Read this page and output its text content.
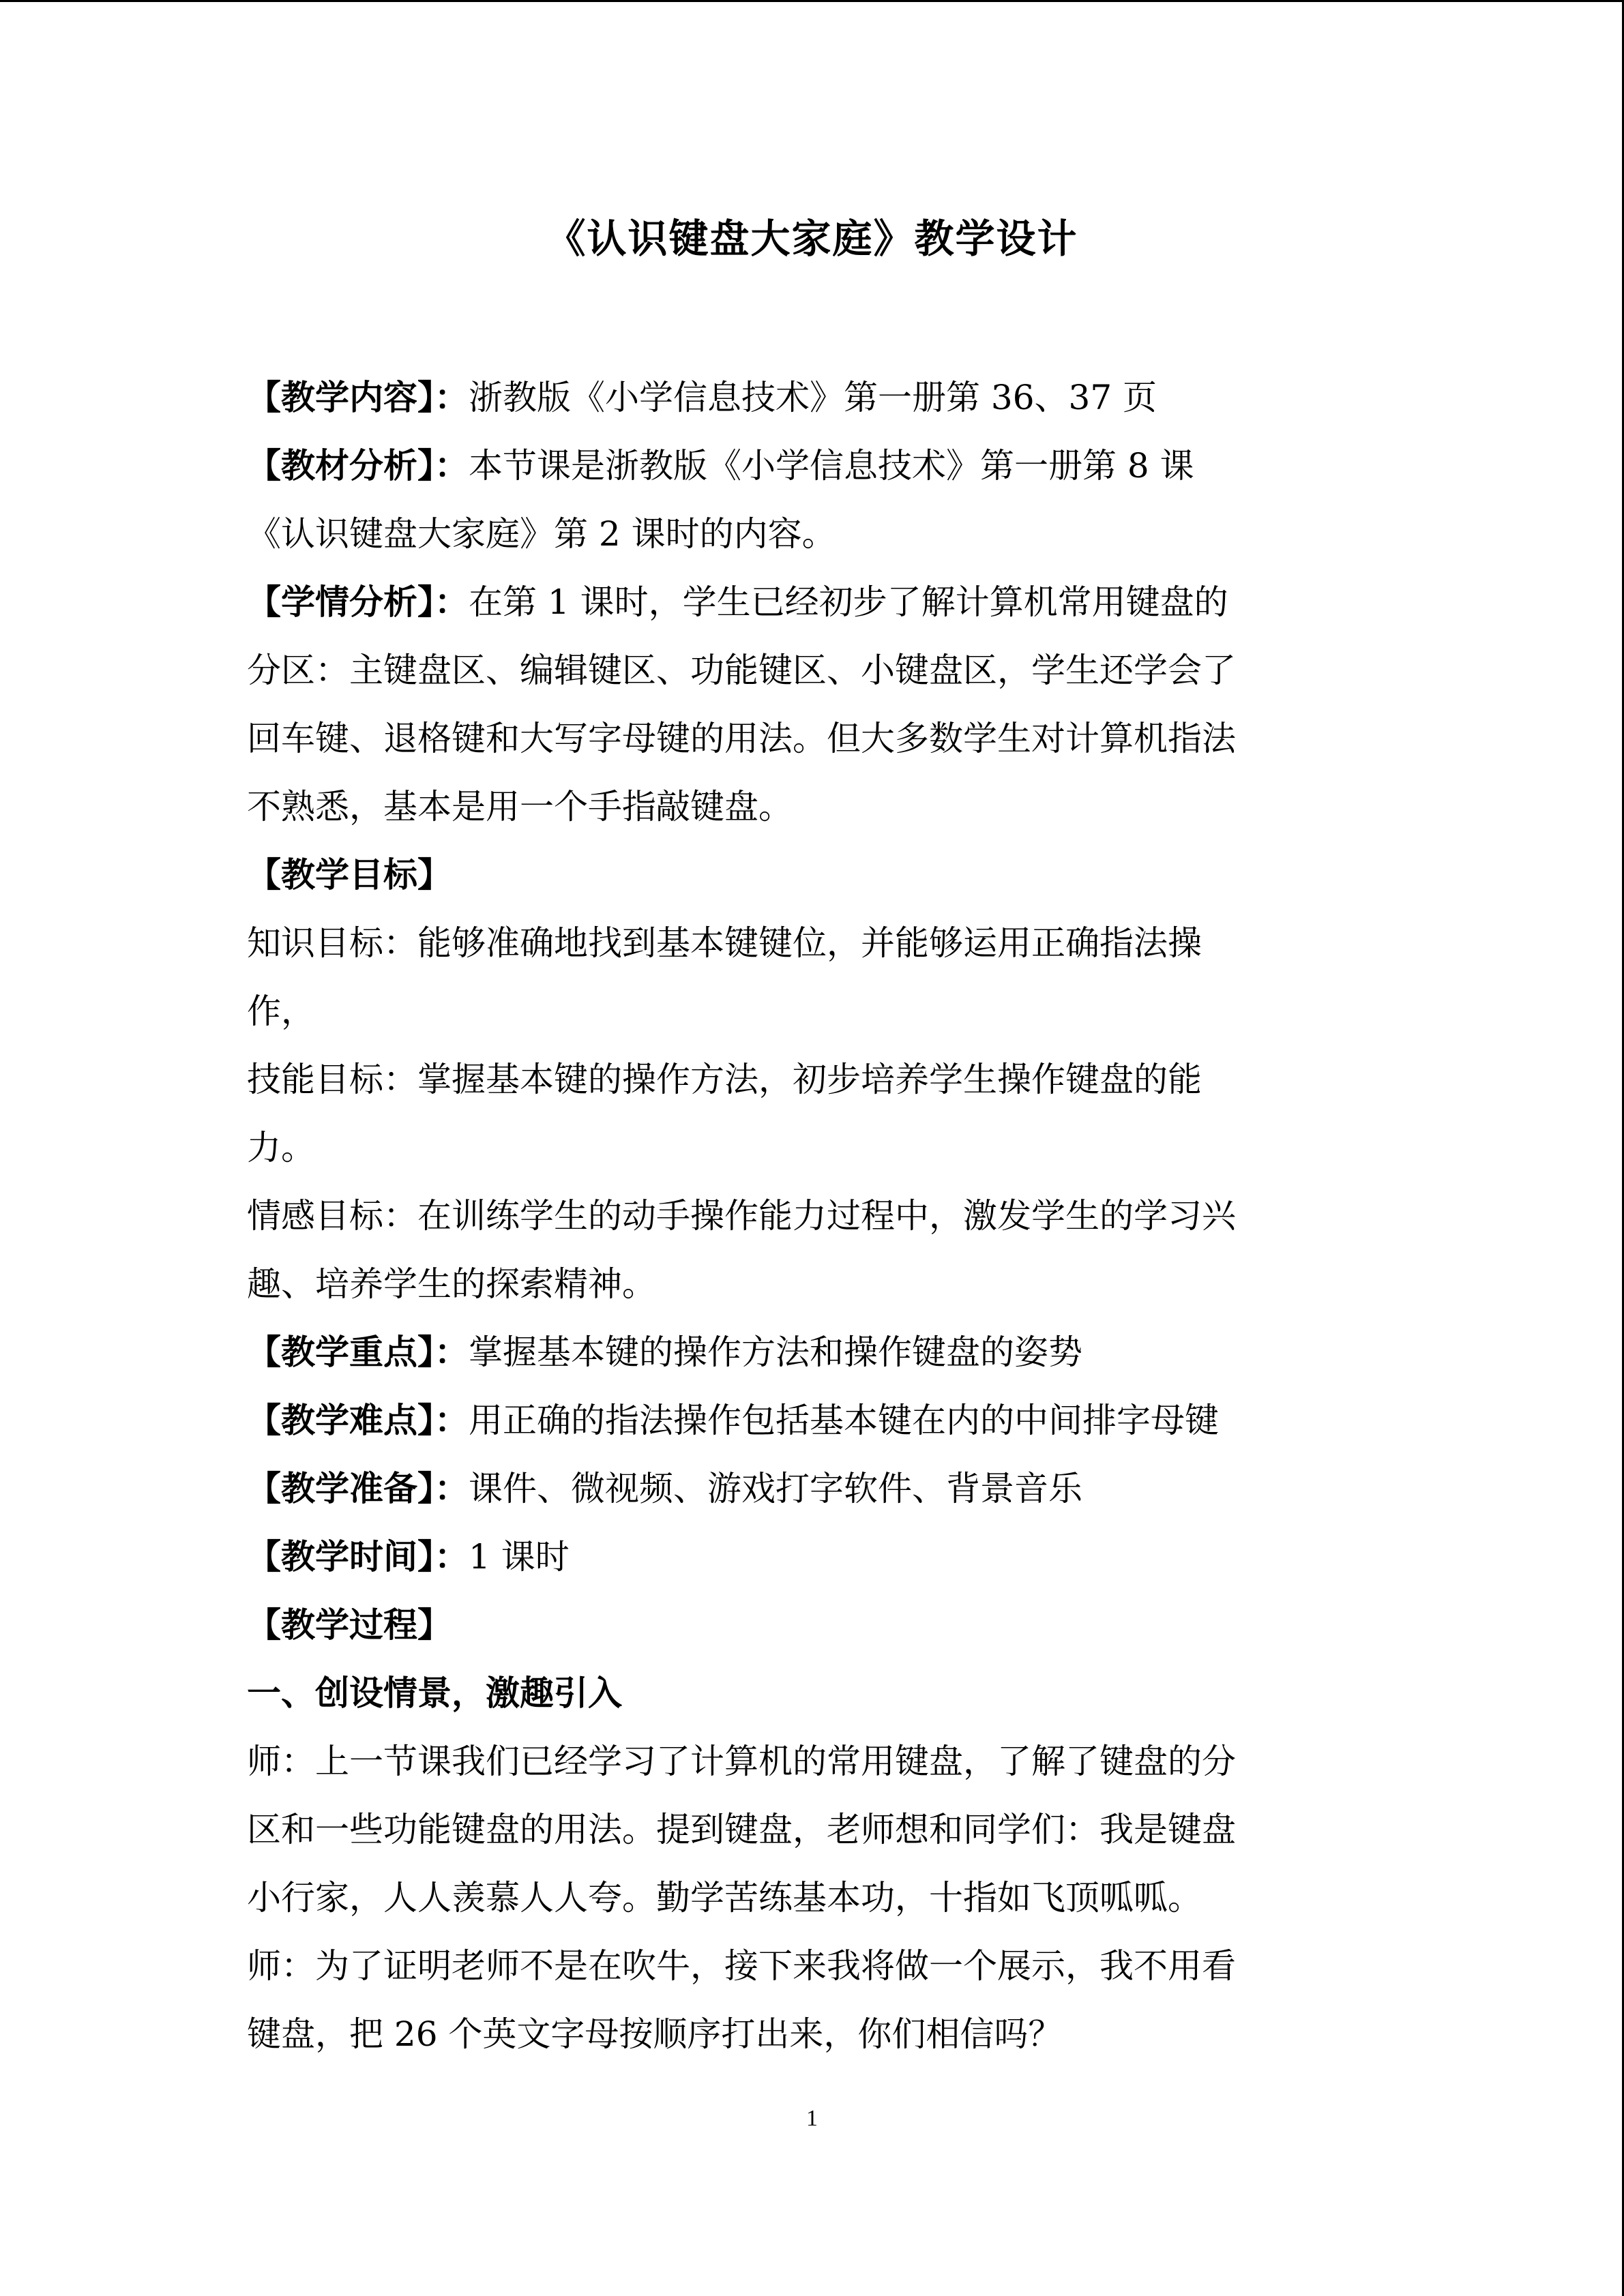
《认识键盘大家庭》教学设计
【教学内容】：浙教版《小学信息技术》第一册第 36、37 页
【教材分析】：本节课是浙教版《小学信息技术》第一册第 8 课
《认识键盘大家庭》第 2 课时的内容。
【学情分析】：在第 1 课时，学生已经初步了解计算机常用键盘的
分区：主键盘区、编辑键区、功能键区、小键盘区，学生还学会了
回车键、退格键和大写字母键的用法。但大多数学生对计算机指法
不熟悉，基本是用一个手指敲键盘。
【教学目标】
知识目标：能够准确地找到基本键键位，并能够运用正确指法操
作，
技能目标：掌握基本键的操作方法，初步培养学生操作键盘的能
力。
情感目标：在训练学生的动手操作能力过程中，激发学生的学习兴
趣、培养学生的探索精神。
【教学重点】：掌握基本键的操作方法和操作键盘的姿势
【教学难点】：用正确的指法操作包括基本键在内的中间排字母键
【教学准备】：课件、微视频、游戏打字软件、背景音乐
【教学时间】：1 课时
【教学过程】
一、创设情景，激趣引入
师：上一节课我们已经学习了计算机的常用键盘，了解了键盘的分
区和一些功能键盘的用法。提到键盘，老师想和同学们：我是键盘
小行家，人人羡慕人人夸。勤学苦练基本功，十指如飞顶呱呱。
师：为了证明老师不是在吹牛，接下来我将做一个展示，我不用看
键盘，把 26 个英文字母按顺序打出来，你们相信吗？
1
